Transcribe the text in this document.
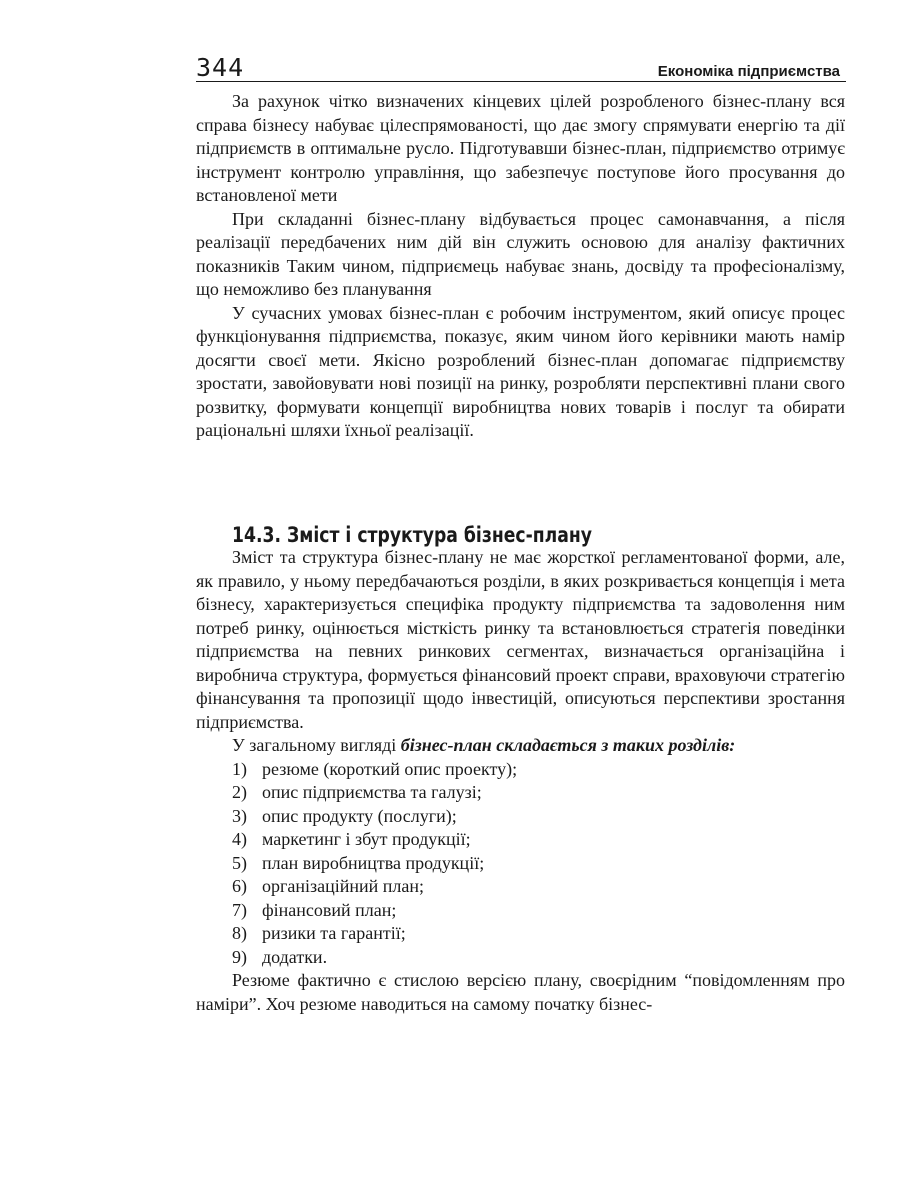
344	Економіка підприємства

За рахунок чітко визначених кінцевих цілей розробленого бізнес-плану вся справа бізнесу набуває цілеспрямованості, що дає змогу спрямувати енергію та дії підприємств в оптимальне русло. Підготувавши бізнес-план, підприємство отримує інструмент контролю управління, що забезпечує поступове його просування до встановленої мети

При складанні бізнес-плану відбувається процес самонавчання, а після реалізації передбачених ним дій він служить основою для аналізу фактичних показників Таким чином, підприємець набуває знань, досвіду та професіоналізму, що неможливо без планування

У сучасних умовах бізнес-план є робочим інструментом, який описує процес функціонування підприємства, показує, яким чином його керівники мають намір досягти своєї мети. Якісно розроблений бізнес-план допомагає підприємству зростати, завойовувати нові позиції на ринку, розробляти перспективні плани свого розвитку, формувати концепції виробництва нових товарів і послуг та обирати раціональні шляхи їхньої реалізації.

14.3. Зміст і структура бізнес-плану

Зміст та структура бізнес-плану не має жорсткої регламентованої форми, але, як правило, у ньому передбачаються розділи, в яких розкривається концепція і мета бізнесу, характеризується специфіка продукту підприємства та задоволення ним потреб ринку, оцінюється місткість ринку та встановлюється стратегія поведінки підприємства на певних ринкових сегментах, визначається організаційна і виробнича структура, формується фінансовий проект справи, враховуючи стратегію фінансування та пропозиції щодо інвестицій, описуються перспективи зростання підприємства.

У загальному вигляді бізнес-план складається з таких розділів:

1) резюме (короткий опис проекту);
2) опис підприємства та галузі;
3) опис продукту (послуги);
4) маркетинг і збут продукції;
5) план виробництва продукції;
6) організаційний план;
7) фінансовий план;
8) ризики та гарантії;
9) додатки.

Резюме фактично є стислою версією плану, своєрідним “повідомленням про наміри”. Хоч резюме наводиться на самому початку бізнес-
